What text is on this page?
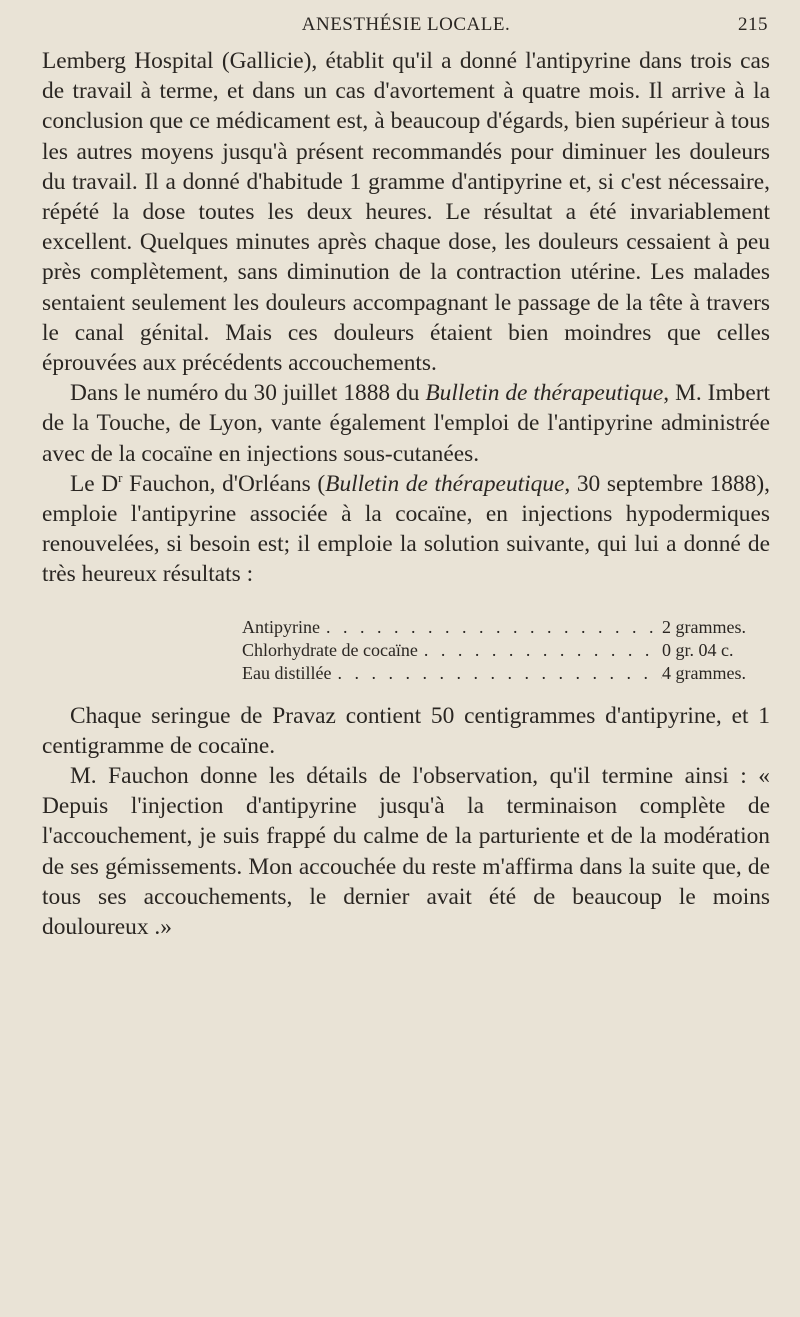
ANESTHÉSIE LOCALE.	215

Lemberg Hospital (Gallicie), établit qu'il a donné l'antipyrine dans trois cas de travail à terme, et dans un cas d'avortement à quatre mois. Il arrive à la conclusion que ce médicament est, à beaucoup d'égards, bien supérieur à tous les autres moyens jusqu'à présent recommandés pour diminuer les douleurs du travail. Il a donné d'habitude 1 gramme d'antipyrine et, si c'est nécessaire, répété la dose toutes les deux heures. Le résultat a été invariablement excellent. Quelques minutes après chaque dose, les douleurs cessaient à peu près complètement, sans diminution de la contraction utérine. Les malades sentaient seulement les douleurs accompagnant le passage de la tête à travers le canal génital. Mais ces douleurs étaient bien moindres que celles éprouvées aux précédents accouchements.

Dans le numéro du 30 juillet 1888 du Bulletin de thérapeutique, M. Imbert de la Touche, de Lyon, vante également l'emploi de l'antipyrine administrée avec de la cocaïne en injections sous-cutanées.

Le $D^r$ Fauchon, d'Orléans (Bulletin de thérapeutique, 30 septembre 1888), emploie l'antipyrine associée à la cocaïne, en injections hypodermiques renouvelées, si besoin est; il emploie la solution suivante, qui lui a donné de très heureux résultats :

Antipyrine . . .	2 grammes.
Chlorhydrate de cocaïne . . .	0 gr. 04 c.
Eau distillée . . .	4 grammes.

Chaque seringue de Pravaz contient 50 centigrammes d'antipyrine, et 1 centigramme de cocaïne.

M. Fauchon donne les détails de l'observation, qu'il termine ainsi : « Depuis l'injection d'antipyrine jusqu'à la terminaison complète de l'accouchement, je suis frappé du calme de la parturiente et de la modération de ses gémissements. Mon accouchée du reste m'affirma dans la suite que, de tous ses accouchements, le dernier avait été de beaucoup le moins douloureux .»
